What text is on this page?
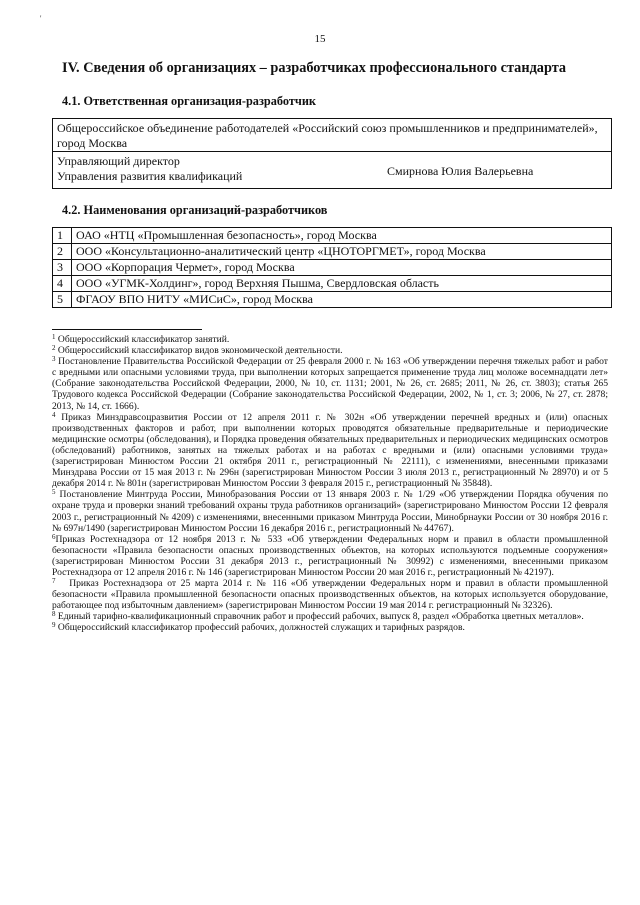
'
15
IV. Сведения об организациях – разработчиках профессионального стандарта
4.1. Ответственная организация-разработчик
Общероссийское объединение работодателей «Российский союз промышленников и предпринимателей», город Москва

Управляющий директор
Управления развития квалификаций	Смирнова Юлия Валерьевна
4.2. Наименования организаций-разработчиков
1	ОАО «НТЦ «Промышленная безопасность», город Москва
2	ООО «Консультационно-аналитический центр «ЦНОТОРГМЕТ», город Москва
3	ООО «Корпорация Чермет», город Москва
4	ООО «УГМК-Холдинг», город Верхняя Пышма, Свердловская область
5	ФГАОУ ВПО НИТУ «МИСиС», город Москва

$^1$ Общероссийский классификатор занятий.

$^2$ Общероссийский классификатор видов экономической деятельности.

$^3$ Постановление Правительства Российской Федерации от 25 февраля 2000 г. № 163 «Об утверждении перечня тяжелых работ и работ с вредными или опасными условиями труда, при выполнении которых запрещается применение труда лиц моложе восемнадцати лет» (Собрание законодательства Российской Федерации, 2000, № 10, ст. 1131; 2001, № 26, ст. 2685; 2011, № 26, ст. 3803); статья 265 Трудового кодекса Российской Федерации (Собрание законодательства Российской Федерации, 2002, № 1, ст. 3; 2006, № 27, ст. 2878; 2013, № 14, ст. 1666).

$^4$ Приказ Минздравсоцразвития России от 12 апреля 2011 г. № 302н «Об утверждении перечней вредных и (или) опасных производственных факторов и работ, при выполнении которых проводятся обязательные предварительные и периодические медицинские осмотры (обследования), и Порядка проведения обязательных предварительных и периодических медицинских осмотров (обследований) работников, занятых на тяжелых работах и на работах с вредными и (или) опасными условиями труда» (зарегистрирован Минюстом России 21 октября 2011 г., регистрационный № 22111), с изменениями, внесенными приказами Минздрава России от 15 мая 2013 г. № 296н (зарегистрирован Минюстом России 3 июля 2013 г., регистрационный № 28970) и от 5 декабря 2014 г. № 801н (зарегистрирован Минюстом России 3 февраля 2015 г., регистрационный № 35848).

$^5$ Постановление Минтруда России, Минобразования России от 13 января 2003 г. № 1/29 «Об утверждении Порядка обучения по охране труда и проверки знаний требований охраны труда работников организаций» (зарегистрировано Минюстом России 12 февраля 2003 г., регистрационный № 4209) с изменениями, внесенными приказом Минтруда России, Минобрнауки России от 30 ноября 2016 г. № 697н/1490 (зарегистрирован Минюстом России 16 декабря 2016 г., регистрационный № 44767).

$^6$Приказ Ростехнадзора от 12 ноября 2013 г. № 533 «Об утверждении Федеральных норм и правил в области промышленной безопасности «Правила безопасности опасных производственных объектов, на которых используются подъемные сооружения» (зарегистрирован Минюстом России 31 декабря 2013 г., регистрационный № 30992) с изменениями, внесенными приказом Ростехнадзора от 12 апреля 2016 г. № 146 (зарегистрирован Минюстом России 20 мая 2016 г., регистрационный № 42197).

$^7$ Приказ Ростехнадзора от 25 марта 2014 г. № 116 «Об утверждении Федеральных норм и правил в области промышленной безопасности «Правила промышленной безопасности опасных производственных объектов, на которых используется оборудование, работающее под избыточным давлением» (зарегистрирован Минюстом России 19 мая 2014 г. регистрационный № 32326).

$^8$ Единый тарифно-квалификационный справочник работ и профессий рабочих, выпуск 8, раздел «Обработка цветных металлов».

$^9$ Общероссийский классификатор профессий рабочих, должностей служащих и тарифных разрядов.
